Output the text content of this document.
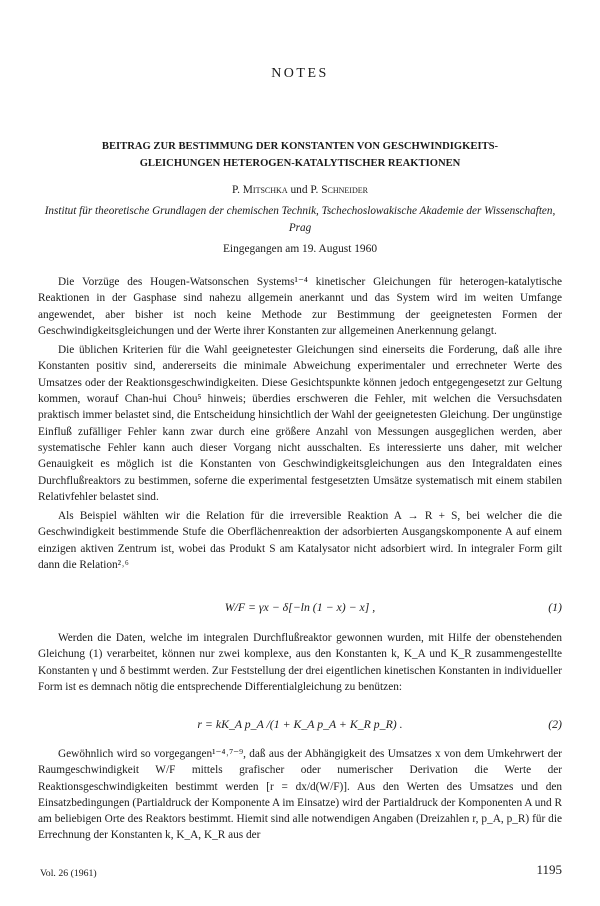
NOTES
BEITRAG ZUR BESTIMMUNG DER KONSTANTEN VON GESCHWINDIGKEITS-
GLEICHUNGEN HETEROGEN-KATALYTISCHER REAKTIONEN
P. Mitschka und P. Schneider
Institut für theoretische Grundlagen der chemischen Technik, Tschechoslowakische Akademie der Wissenschaften, Prag
Eingegangen am 19. August 1960

Die Vorzüge des Hougen-Watsonschen Systems¹⁻⁴ kinetischer Gleichungen für heterogen-katalytische Reaktionen in der Gasphase sind nahezu allgemein anerkannt und das System wird im weiten Umfange angewendet, aber bisher ist noch keine Methode zur Bestimmung der geeignetesten Formen der Geschwindigkeitsgleichungen und der Werte ihrer Konstanten zur allgemeinen Anerkennung gelangt.

Die üblichen Kriterien für die Wahl geeignetester Gleichungen sind einerseits die Forderung, daß alle ihre Konstanten positiv sind, andererseits die minimale Abweichung experimentaler und errechneter Werte des Umsatzes oder der Reaktionsgeschwindigkeiten. Diese Gesichtspunkte können jedoch entgegengesetzt zur Geltung kommen, worauf Chan-hui Chou⁵ hinweis; überdies erschweren die Fehler, mit welchen die Versuchsdaten praktisch immer belastet sind, die Entscheidung hinsichtlich der Wahl der geeignetesten Gleichung. Der ungünstige Einfluß zufälliger Fehler kann zwar durch eine größere Anzahl von Messungen ausgeglichen werden, aber systematische Fehler kann auch dieser Vorgang nicht ausschalten. Es interessierte uns daher, mit welcher Genauigkeit es möglich ist die Konstanten von Geschwindigkeitsgleichungen aus den Integraldaten eines Durchflußreaktors zu bestimmen, soferne die experimental festgesetzten Umsätze systematisch mit einem stabilen Relativfehler belastet sind.

Als Beispiel wählten wir die Relation für die irreversible Reaktion A → R + S, bei welcher die die Geschwindigkeit bestimmende Stufe die Oberflächenreaktion der adsorbierten Ausgangskomponente A auf einem einzigen aktiven Zentrum ist, wobei das Produkt S am Katalysator nicht adsorbiert wird. In integraler Form gilt dann die Relation²˒⁶

W/F = γx − δ[−ln (1 − x) − x] ,	(1)

Werden die Daten, welche im integralen Durchflußreaktor gewonnen wurden, mit Hilfe der obenstehenden Gleichung (1) verarbeitet, können nur zwei komplexe, aus den Konstanten k, K_A und K_R zusammengestellte Konstanten γ und δ bestimmt werden. Zur Feststellung der drei eigentlichen kinetischen Konstanten in individueller Form ist es demnach nötig die entsprechende Differentialgleichung zu benützen:

r = kK_A p_A /(1 + K_A p_A + K_R p_R) .	(2)

Gewöhnlich wird so vorgegangen¹⁻⁴˒⁷⁻⁹, daß aus der Abhängigkeit des Umsatzes x von dem Umkehrwert der Raumgeschwindigkeit W/F mittels grafischer oder numerischer Derivation die Werte der Reaktionsgeschwindigkeiten bestimmt werden [r = dx/d(W/F)]. Aus den Werten des Umsatzes und den Einsatzbedingungen (Partialdruck der Komponente A im Einsatze) wird der Partialdruck der Komponenten A und R am beliebigen Orte des Reaktors bestimmt. Hiemit sind alle notwendigen Angaben (Dreizahlen r, p_A, p_R) für die Errechnung der Konstanten k, K_A, K_R aus der

Vol. 26 (1961)	1195
